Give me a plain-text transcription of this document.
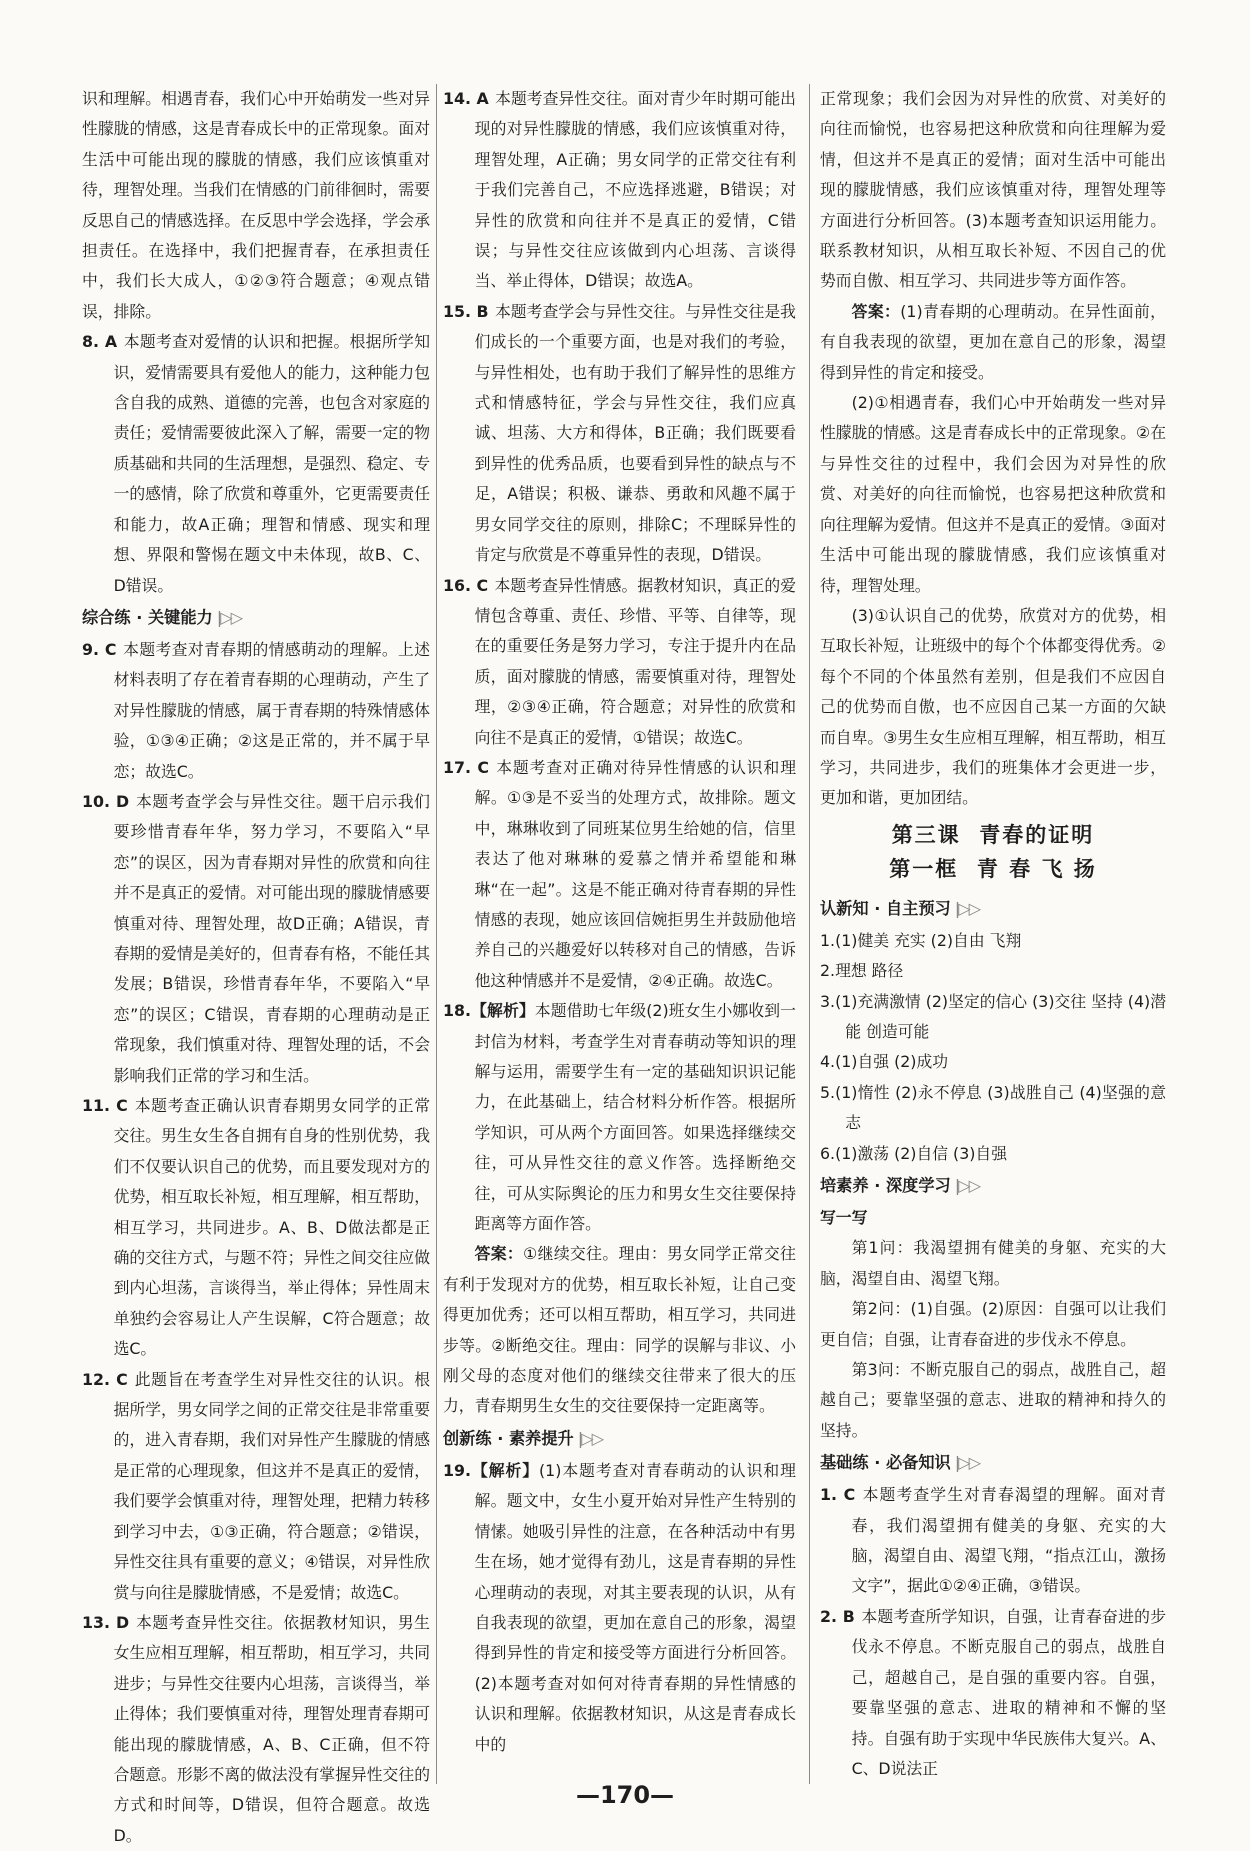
识和理解。相遇青春，我们心中开始萌发一些对异性朦胧的情感，这是青春成长中的正常现象。面对生活中可能出现的朦胧的情感，我们应该慎重对待，理智处理。当我们在情感的门前徘徊时，需要反思自己的情感选择。在反思中学会选择，学会承担责任。在选择中，我们把握青春，在承担责任中，我们长大成人，①②③符合题意；④观点错误，排除。

8. A 本题考查对爱情的认识和把握。根据所学知识，爱情需要具有爱他人的能力，这种能力包含自我的成熟、道德的完善，也包含对家庭的责任；爱情需要彼此深入了解，需要一定的物质基础和共同的生活理想，是强烈、稳定、专一的感情，除了欣赏和尊重外，它更需要责任和能力，故A正确；理智和情感、现实和理想、界限和警惕在题文中未体现，故B、C、D错误。

综合练 · 关键能力 |▷▷

9. C 本题考查对青春期的情感萌动的理解。上述材料表明了存在着青春期的心理萌动，产生了对异性朦胧的情感，属于青春期的特殊情感体验，①③④正确；②这是正常的，并不属于早恋；故选C。

10. D 本题考查学会与异性交往。题干启示我们要珍惜青春年华，努力学习，不要陷入“早恋”的误区，因为青春期对异性的欣赏和向往并不是真正的爱情。对可能出现的朦胧情感要慎重对待、理智处理，故D正确；A错误，青春期的爱情是美好的，但青春有格，不能任其发展；B错误，珍惜青春年华，不要陷入“早恋”的误区；C错误，青春期的心理萌动是正常现象，我们慎重对待、理智处理的话，不会影响我们正常的学习和生活。

11. C 本题考查正确认识青春期男女同学的正常交往。男生女生各自拥有自身的性别优势，我们不仅要认识自己的优势，而且要发现对方的优势，相互取长补短，相互理解，相互帮助，相互学习，共同进步。A、B、D做法都是正确的交往方式，与题不符；异性之间交往应做到内心坦荡，言谈得当，举止得体；异性周末单独约会容易让人产生误解，C符合题意；故选C。

12. C 此题旨在考查学生对异性交往的认识。根据所学，男女同学之间的正常交往是非常重要的，进入青春期，我们对异性产生朦胧的情感是正常的心理现象，但这并不是真正的爱情，我们要学会慎重对待，理智处理，把精力转移到学习中去，①③正确，符合题意；②错误，异性交往具有重要的意义；④错误，对异性欣赏与向往是朦胧情感，不是爱情；故选C。

13. D 本题考查异性交往。依据教材知识，男生女生应相互理解，相互帮助，相互学习，共同进步；与异性交往要内心坦荡，言谈得当，举止得体；我们要慎重对待，理智处理青春期可能出现的朦胧情感，A、B、C正确，但不符合题意。形影不离的做法没有掌握异性交往的方式和时间等，D错误，但符合题意。故选D。

14. A 本题考查异性交往。面对青少年时期可能出现的对异性朦胧的情感，我们应该慎重对待，理智处理，A正确；男女同学的正常交往有利于我们完善自己，不应选择逃避，B错误；对异性的欣赏和向往并不是真正的爱情，C错误；与异性交往应该做到内心坦荡、言谈得当、举止得体，D错误；故选A。

15. B 本题考查学会与异性交往。与异性交往是我们成长的一个重要方面，也是对我们的考验，与异性相处，也有助于我们了解异性的思维方式和情感特征，学会与异性交往，我们应真诚、坦荡、大方和得体，B正确；我们既要看到异性的优秀品质，也要看到异性的缺点与不足，A错误；积极、谦恭、勇敢和风趣不属于男女同学交往的原则，排除C；不理睬异性的肯定与欣赏是不尊重异性的表现，D错误。

16. C 本题考查异性情感。据教材知识，真正的爱情包含尊重、责任、珍惜、平等、自律等，现在的重要任务是努力学习，专注于提升内在品质，面对朦胧的情感，需要慎重对待，理智处理，②③④正确，符合题意；对异性的欣赏和向往不是真正的爱情，①错误；故选C。

17. C 本题考查对正确对待异性情感的认识和理解。①③是不妥当的处理方式，故排除。题文中，琳琳收到了同班某位男生给她的信，信里表达了他对琳琳的爱慕之情并希望能和琳琳“在一起”。这是不能正确对待青春期的异性情感的表现，她应该回信婉拒男生并鼓励他培养自己的兴趣爱好以转移对自己的情感，告诉他这种情感并不是爱情，②④正确。故选C。

18.【解析】本题借助七年级(2)班女生小娜收到一封信为材料，考查学生对青春萌动等知识的理解与运用，需要学生有一定的基础知识识记能力，在此基础上，结合材料分析作答。根据所学知识，可从两个方面回答。如果选择继续交往，可从异性交往的意义作答。选择断绝交往，可从实际舆论的压力和男女生交往要保持距离等方面作答。

答案：①继续交往。理由：男女同学正常交往有利于发现对方的优势，相互取长补短，让自己变得更加优秀；还可以相互帮助，相互学习，共同进步等。②断绝交往。理由：同学的误解与非议、小刚父母的态度对他们的继续交往带来了很大的压力，青春期男生女生的交往要保持一定距离等。

创新练 · 素养提升 |▷▷

19.【解析】(1)本题考查对青春萌动的认识和理解。题文中，女生小夏开始对异性产生特别的情愫。她吸引异性的注意，在各种活动中有男生在场，她才觉得有劲儿，这是青春期的异性心理萌动的表现，对其主要表现的认识，从有自我表现的欲望，更加在意自己的形象，渴望得到异性的肯定和接受等方面进行分析回答。(2)本题考查对如何对待青春期的异性情感的认识和理解。依据教材知识，从这是青春成长中的

正常现象；我们会因为对异性的欣赏、对美好的向往而愉悦，也容易把这种欣赏和向往理解为爱情，但这并不是真正的爱情；面对生活中可能出现的朦胧情感，我们应该慎重对待，理智处理等方面进行分析回答。(3)本题考查知识运用能力。联系教材知识，从相互取长补短、不因自己的优势而自傲、相互学习、共同进步等方面作答。

答案：(1)青春期的心理萌动。在异性面前，有自我表现的欲望，更加在意自己的形象，渴望得到异性的肯定和接受。

(2)①相遇青春，我们心中开始萌发一些对异性朦胧的情感。这是青春成长中的正常现象。②在与异性交往的过程中，我们会因为对异性的欣赏、对美好的向往而愉悦，也容易把这种欣赏和向往理解为爱情。但这并不是真正的爱情。③面对生活中可能出现的朦胧情感，我们应该慎重对待，理智处理。

(3)①认识自己的优势，欣赏对方的优势，相互取长补短，让班级中的每个个体都变得优秀。②每个不同的个体虽然有差别，但是我们不应因自己的优势而自傲，也不应因自己某一方面的欠缺而自卑。③男生女生应相互理解，相互帮助，相互学习，共同进步，我们的班集体才会更进一步，更加和谐，更加团结。

第三课  青春的证明
第一框  青 春 飞 扬
认新知 · 自主预习 |▷▷

1.(1)健美 充实 (2)自由 飞翔

2.理想 路径

3.(1)充满激情 (2)坚定的信心 (3)交往 坚持 (4)潜能 创造可能

4.(1)自强 (2)成功

5.(1)惰性 (2)永不停息 (3)战胜自己 (4)坚强的意志

6.(1)激荡 (2)自信 (3)自强

培素养 · 深度学习 |▷▷

写一写

第1问：我渴望拥有健美的身躯、充实的大脑，渴望自由、渴望飞翔。

第2问：(1)自强。(2)原因：自强可以让我们更自信；自强，让青春奋进的步伐永不停息。

第3问：不断克服自己的弱点，战胜自己，超越自己；要靠坚强的意志、进取的精神和持久的坚持。

基础练 · 必备知识 |▷▷

1. C 本题考查学生对青春渴望的理解。面对青春，我们渴望拥有健美的身躯、充实的大脑，渴望自由、渴望飞翔，“指点江山，激扬文字”，据此①②④正确，③错误。

2. B 本题考查所学知识，自强，让青春奋进的步伐永不停息。不断克服自己的弱点，战胜自己，超越自己，是自强的重要内容。自强，要靠坚强的意志、进取的精神和不懈的坚持。自强有助于实现中华民族伟大复兴。A、C、D说法正

—170—
